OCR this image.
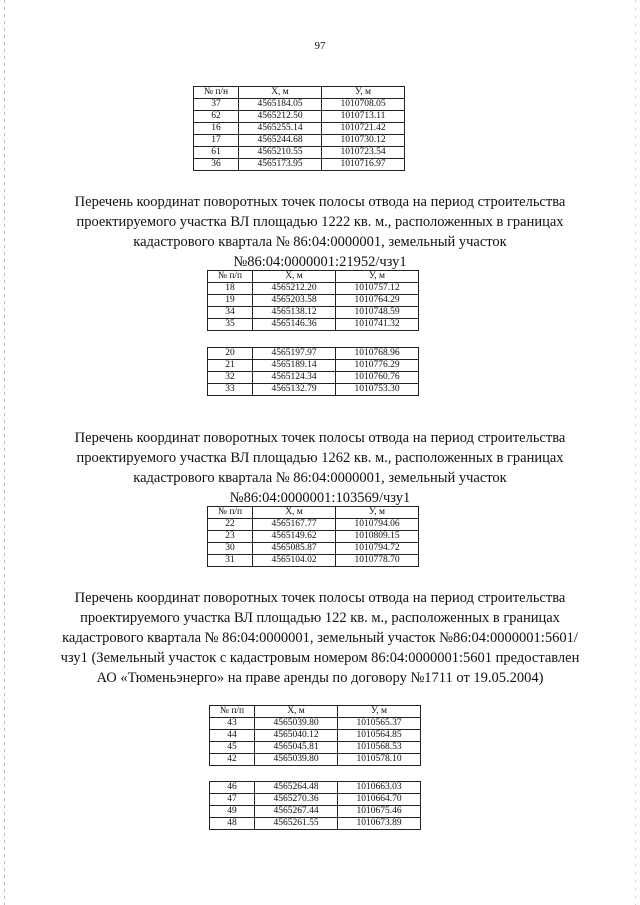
97
№ п/н	X, м	У, м
37	4565184.05	1010708.05
62	4565212.50	1010713.11
16	4565255.14	1010721.42
17	4565244.68	1010730.12
61	4565210.55	1010723.54
36	4565173.95	1010716.97
Перечень координат поворотных точек полосы отвода на период строительства проектируемого участка ВЛ площадью 1222 кв. м., расположенных в границах кадастрового квартала № 86:04:0000001, земельный участок №86:04:0000001:21952/чзу1
№ п/п	X, м	У, м
18	4565212.20	1010757.12
19	4565203.58	1010764.29
34	4565138.12	1010748.59
35	4565146.36	1010741.32
20	4565197.97	1010768.96
21	4565189.14	1010776.29
32	4565124.34	1010760.76
33	4565132.79	1010753.30
Перечень координат поворотных точек полосы отвода на период строительства проектируемого участка ВЛ площадью 1262 кв. м., расположенных в границах кадастрового квартала № 86:04:0000001, земельный участок №86:04:0000001:103569/чзу1
№ п/п	X, м	У, м
22	4565167.77	1010794.06
23	4565149.62	1010809.15
30	4565085.87	1010794.72
31	4565104.02	1010778.70
Перечень координат поворотных точек полосы отвода на период строительства проектируемого участка ВЛ площадью 122 кв. м., расположенных в границах кадастрового квартала № 86:04:0000001, земельный участок №86:04:0000001:5601/чзу1 (Земельный участок с кадастровым номером 86:04:0000001:5601 предоставлен АО «Тюменьэнерго» на праве аренды по договору №1711 от 19.05.2004)
№ п/п	X, м	У, м
43	4565039.80	1010565.37
44	4565040.12	1010564.85
45	4565045.81	1010568.53
42	4565039.80	1010578.10
46	4565264.48	1010663.03
47	4565270.36	1010664.70
49	4565267.44	1010675.46
48	4565261.55	1010673.89
